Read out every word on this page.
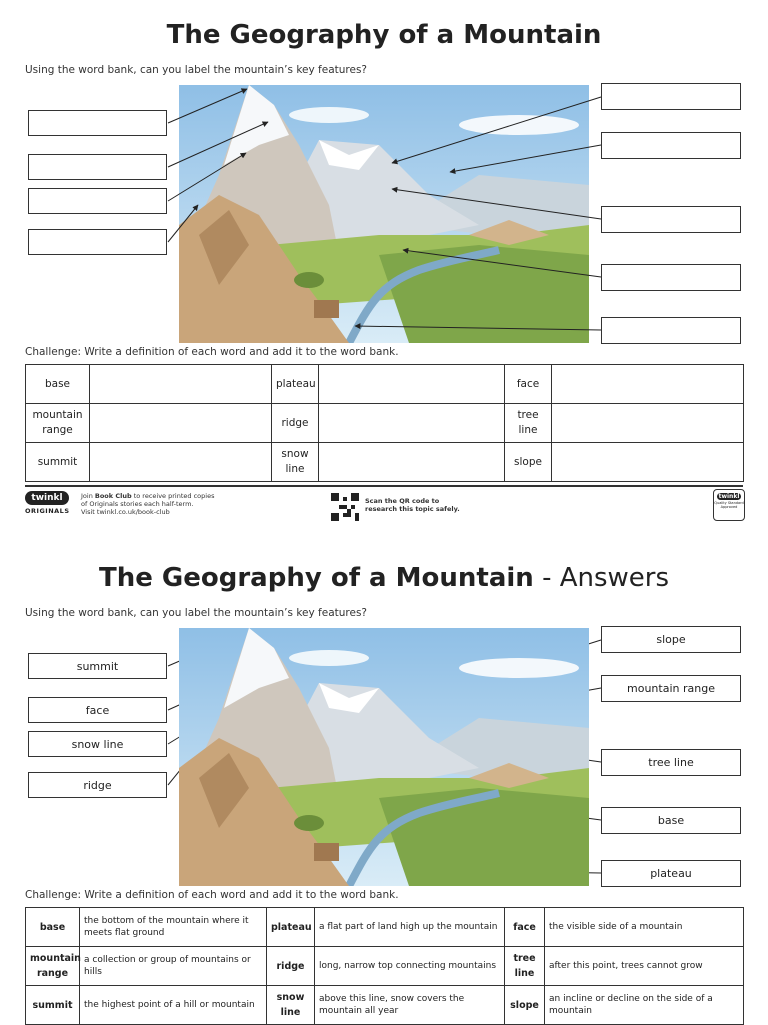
The Geography of a Mountain
Using the word bank, can you label the mountain’s key features?
Challenge: Write a definition of each word and add it to the word bank.
base		plateau		face	
mountain range		ridge		tree line	
summit		snow line		slope	
twinkl
ORIGINALS
Join Book Club to receive printed copies
of Originals stories each half-term.
Visit twinkl.co.uk/book-club
Scan the QR code to
research this topic safely.
twinkl
Quality Standard Approved
The Geography of a Mountain - Answers
Using the word bank, can you label the mountain’s key features?
summit
face
snow line
ridge
slope
mountain range
tree line
base
plateau
Challenge: Write a definition of each word and add it to the word bank.
base	the bottom of the mountain where it meets flat ground	plateau	a flat part of land high up the mountain	face	the visible side of a mountain
mountain range	a collection or group of mountains or hills	ridge	long, narrow top connecting mountains	tree line	after this point, trees cannot grow
summit	the highest point of a hill or mountain	snow line	above this line, snow covers the mountain all year	slope	an incline or decline on the side of a mountain
